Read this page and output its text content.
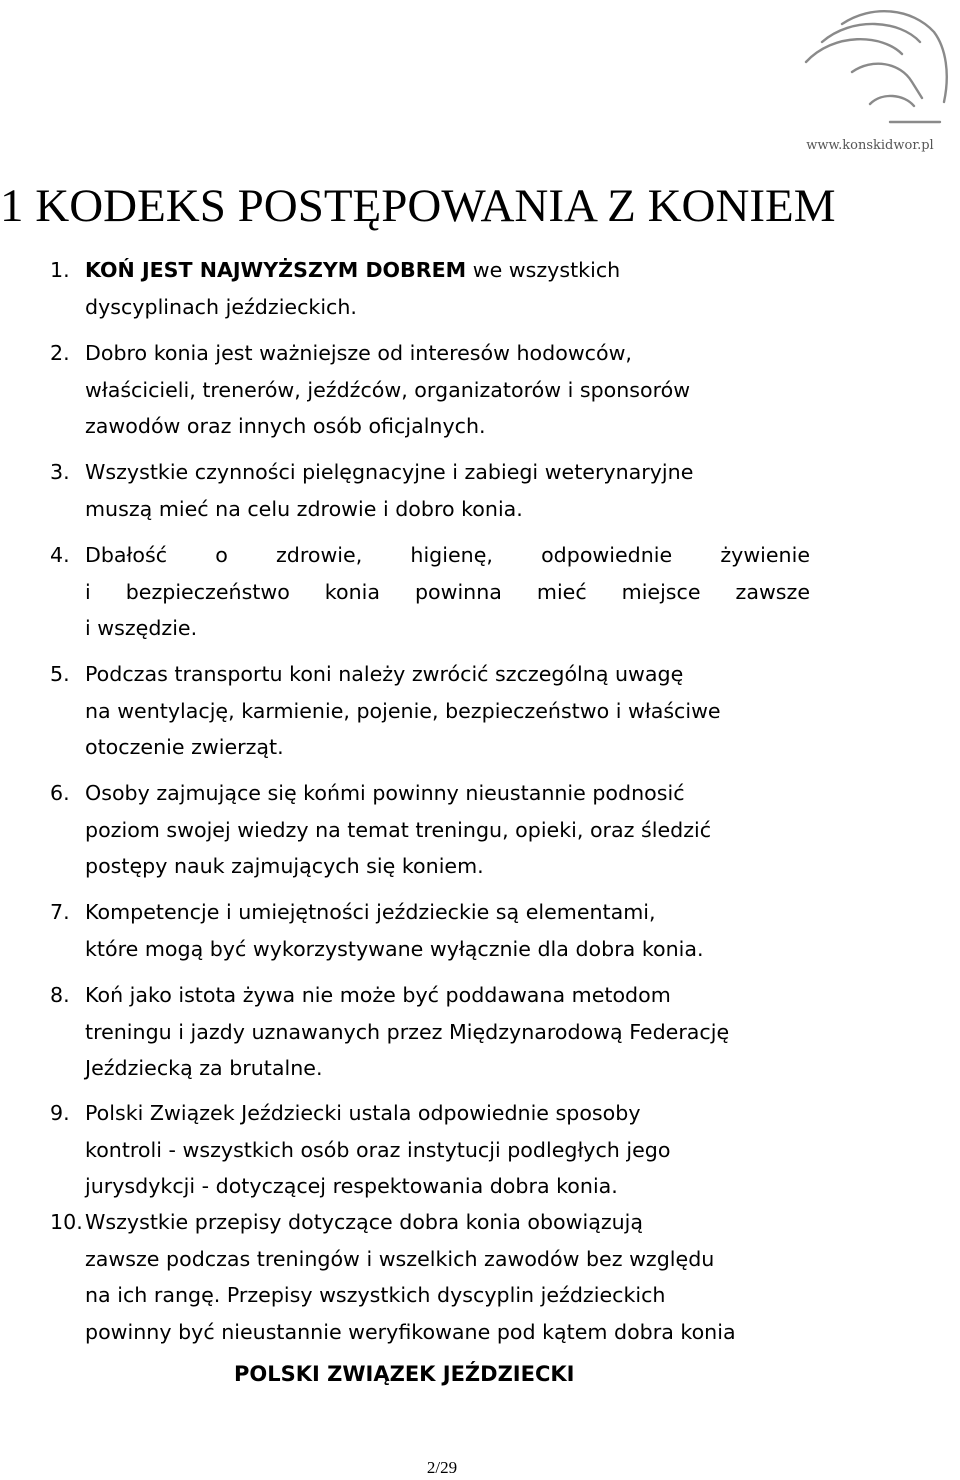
www.konskidwor.pl
1 KODEKS POSTĘPOWANIA Z KONIEM
1. KOŃ JEST NAJWYŻSZYM DOBREM we wszystkich
dyscyplinach jeździeckich.
2. Dobro konia jest ważniejsze od interesów hodowców,
właścicieli, trenerów, jeźdźców, organizatorów i sponsorów
zawodów oraz innych osób oficjalnych.
3. Wszystkie czynności pielęgnacyjne i zabiegi weterynaryjne
muszą mieć na celu zdrowie i dobro konia.
4. Dbałość o zdrowie, higienę, odpowiednie żywienie
i bezpieczeństwo konia powinna mieć miejsce zawsze
i wszędzie.
5. Podczas transportu koni należy zwrócić szczególną uwagę
na wentylację, karmienie, pojenie, bezpieczeństwo i właściwe
otoczenie zwierząt.
6. Osoby zajmujące się końmi powinny nieustannie podnosić
poziom swojej wiedzy na temat treningu, opieki, oraz śledzić
postępy nauk zajmujących się koniem.
7. Kompetencje i umiejętności jeździeckie są elementami,
które mogą być wykorzystywane wyłącznie dla dobra konia.
8. Koń jako istota żywa nie może być poddawana metodom
treningu i jazdy uznawanych przez Międzynarodową Federację
Jeździecką za brutalne.
9. Polski Związek Jeździecki ustala odpowiednie sposoby
kontroli - wszystkich osób oraz instytucji podległych jego
jurysdykcji - dotyczącej respektowania dobra konia.
10. Wszystkie przepisy dotyczące dobra konia obowiązują
zawsze podczas treningów i wszelkich zawodów bez względu
na ich rangę. Przepisy wszystkich dyscyplin jeździeckich
powinny być nieustannie weryfikowane pod kątem dobra konia
POLSKI ZWIĄZEK JEŹDZIECKI
2/29
